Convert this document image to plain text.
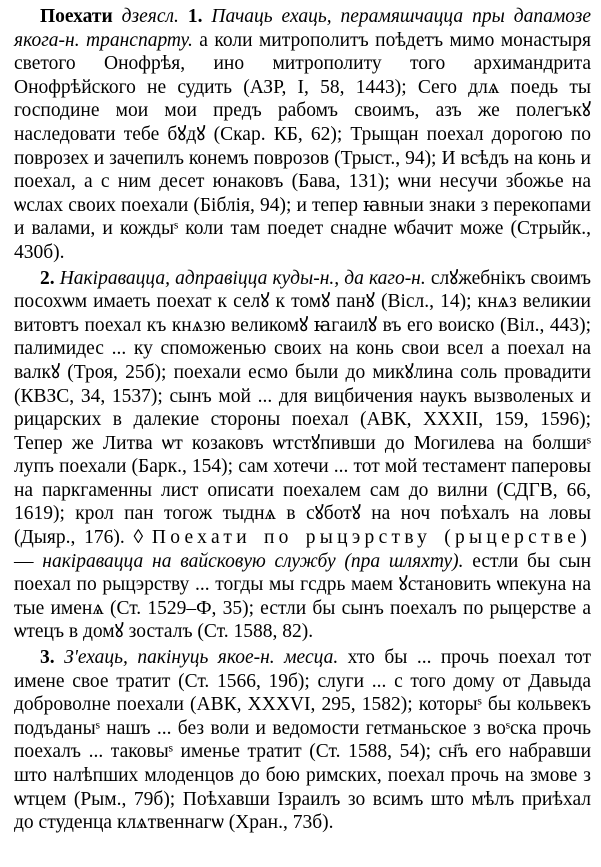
Поехати дзеясл. 1. Пачаць ехаць, перамяшчацца пры дапамозе якога-н. транспарту. а коли митрополитъ поѣдетъ мимо монастыря светого Онофрѣя, ино митрополиту того архимандрита Онофрѣйского не судить (АЗР, I, 58, 1443); Сего длѧ поедь ты господине мои мои предъ рабомъ своимъ, азъ же полегъкꙋ наследовати тебе бꙋдꙋ (Скар. КБ, 62); Трыщан поехал дорогою по поврозех и зачепилъ конемъ поврозов (Трыст., 94); И всѣдъ на конь и поехал, а с ним десет юнаковъ (Бава, 131); ѡни несучи збожье на ѡслах своих поехали (Біблія, 94); и тепер ꙗвныи знаки з перекопами и валами, и кождыˢ коли там поедет снадне ѡбачит може (Стрыйк., 430б).

2. Накіравацца, адправіцца куды-н., да каго-н. слꙋжебнікъ своимъ посохѡм имаеть поехат к селꙋ к томꙋ панꙋ (Вісл., 14); кнѧз великии витовтъ поехал къ кнѧзю великомꙋ ꙗгаилꙋ въ его воиско (Віл., 443); палимидес ... ку споможенью своих на конь свои всел а поехал на валкꙋ (Троя, 25б); поехали есмо были до микꙋлина соль провадити (КВЗС, 34, 1537); сынъ мой ... для вицбичения наукъ вызволеных и рицарских в далекие стороны поехал (АВК, XXXII, 159, 1596); Тепер же Литва ѡт козаковъ ѡтстꙋпивши до Могилева на болшиˢ лупъ поехали (Барк., 154); сам хотечи ... тот мой тестамент паперовы на паркгаменны лист описати поехалем сам до вилни (СДГВ, 66, 1619); крол пан тогож тыднѧ в сꙋботꙋ на ноч поѣхалъ на ловы (Дыяр., 176). ◊ Поехати по рыцэрству (рыцерстве) — накіравацца на вайсковую службу (пра шляхту). естли бы сын поехал по рыцэрству ... тогды мы гсдрь маем ꙋстановить ѡпекуна на тые именѧ (Ст. 1529–Ф, 35); естли бы сынъ поехалъ по рыцерстве а ѡтецъ в домꙋ зосталъ (Ст. 1588, 82).

3. З'ехаць, пакінуць якое-н. месца. хто бы ... прочь поехал тот имене свое тратит (Ст. 1566, 19б); слуги ... с того дому от Давыда доброволне поехали (АВК, XXXVI, 295, 1582); которыˢ бы кольвекъ подъданыˢ нашъ ... без воли и ведомости гетманьское з воˢска прочь поехалъ ... таковыˢ именье тратит (Ст. 1588, 54); сн҃ъ его набравши што налѣпших млоденцов до бою римских, поехал прочь на змове з ѡтцем (Рым., 79б); Поѣхавши Ізраилъ зо всимъ што мѣлъ приѣхал до студенца клѧтвеннагѡ (Хран., 73б).
